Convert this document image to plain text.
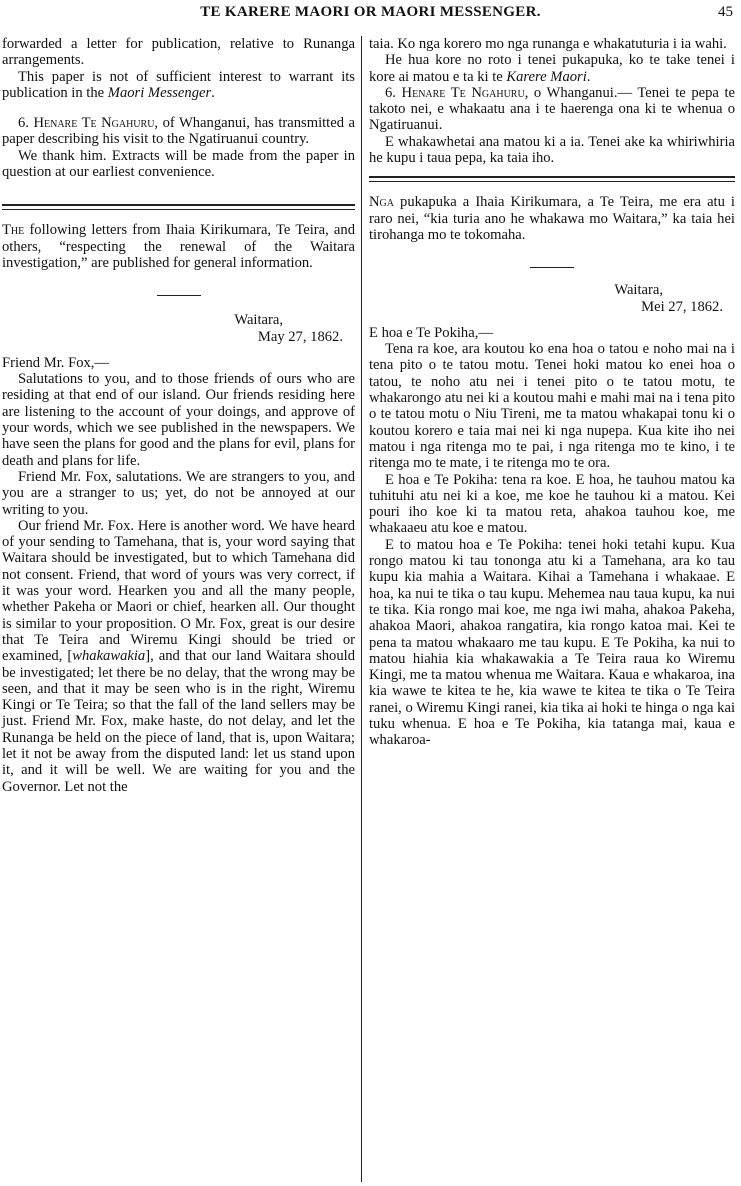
TE KARERE MAORI OR MAORI MESSENGER.	45

forwarded a letter for publication, relative to Runanga arrangements.

This paper is not of sufficient interest to warrant its publication in the Maori Messenger.

6. Henare Te Ngahuru, of Whanganui, has transmitted a paper describing his visit to the Ngatiruanui country.

We thank him. Extracts will be made from the paper in question at our earliest convenience.

The following letters from Ihaia Kirikumara, Te Teira, and others, “respecting the renewal of the Waitara investigation,” are published for general information.

Waitara,
May 27, 1862.

Friend Mr. Fox,—

Salutations to you, and to those friends of ours who are residing at that end of our island. Our friends residing here are listening to the account of your doings, and approve of your words, which we see published in the newspapers. We have seen the plans for good and the plans for evil, plans for death and plans for life.

Friend Mr. Fox, salutations. We are strangers to you, and you are a stranger to us; yet, do not be annoyed at our writing to you.

Our friend Mr. Fox. Here is another word. We have heard of your sending to Tamehana, that is, your word saying that Waitara should be investigated, but to which Tamehana did not consent. Friend, that word of yours was very correct, if it was your word. Hearken you and all the many people, whether Pakeha or Maori or chief, hearken all. Our thought is similar to your proposition. O Mr. Fox, great is our desire that Te Teira and Wiremu Kingi should be tried or examined, [whakawakia], and that our land Waitara should be investigated; let there be no delay, that the wrong may be seen, and that it may be seen who is in the right, Wiremu Kingi or Te Teira; so that the fall of the land sellers may be just. Friend Mr. Fox, make haste, do not delay, and let the Runanga be held on the piece of land, that is, upon Waitara; let it not be away from the disputed land: let us stand upon it, and it will be well. We are waiting for you and the Governor. Let not the

taia. Ko nga korero mo nga runanga e whakatuturia i ia wahi.

He hua kore no roto i tenei pukapuka, ko te take tenei i kore ai matou e ta ki te Karere Maori.

6. Henare Te Ngahuru, o Whanganui.— Tenei te pepa te takoto nei, e whakaatu ana i te haerenga ona ki te whenua o Ngatiruanui.

E whakawhetai ana matou ki a ia. Tenei ake ka whiriwhiria he kupu i taua pepa, ka taia iho.

Nga pukapuka a Ihaia Kirikumara, a Te Teira, me era atu i raro nei, “kia turia ano he whakawa mo Waitara,” ka taia hei tirohanga mo te tokomaha.

Waitara,
Mei 27, 1862.

E hoa e Te Pokiha,—

Tena ra koe, ara koutou ko ena hoa o tatou e noho mai na i tena pito o te tatou motu. Tenei hoki matou ko enei hoa o tatou, te noho atu nei i tenei pito o te tatou motu, te whakarongo atu nei ki a koutou mahi e mahi mai na i tena pito o te tatou motu o Niu Tireni, me ta matou whakapai tonu ki o koutou korero e taia mai nei ki nga nupepa. Kua kite iho nei matou i nga ritenga mo te pai, i nga ritenga mo te kino, i te ritenga mo te mate, i te ritenga mo te ora.

E hoa e Te Pokiha: tena ra koe. E hoa, he tauhou matou ka tuhituhi atu nei ki a koe, me koe he tauhou ki a matou. Kei pouri iho koe ki ta matou reta, ahakoa tauhou koe, me whakaaeu atu koe e matou.

E to matou hoa e Te Pokiha: tenei hoki tetahi kupu. Kua rongo matou ki tau tononga atu ki a Tamehana, ara ko tau kupu kia mahia a Waitara. Kihai a Tamehana i whakaae. E hoa, ka nui te tika o tau kupu. Mehemea nau taua kupu, ka nui te tika. Kia rongo mai koe, me nga iwi maha, ahakoa Pakeha, ahakoa Maori, ahakoa rangatira, kia rongo katoa mai. Kei te pena ta matou whakaaro me tau kupu. E Te Pokiha, ka nui to matou hiahia kia whakawakia a Te Teira raua ko Wiremu Kingi, me ta matou whenua me Waitara. Kaua e whakaroa, ina kia wawe te kitea te he, kia wawe te kitea te tika o Te Teira ranei, o Wiremu Kingi ranei, kia tika ai hoki te hinga o nga kai tuku whenua. E hoa e Te Pokiha, kia tatanga mai, kaua e whakaroa-
